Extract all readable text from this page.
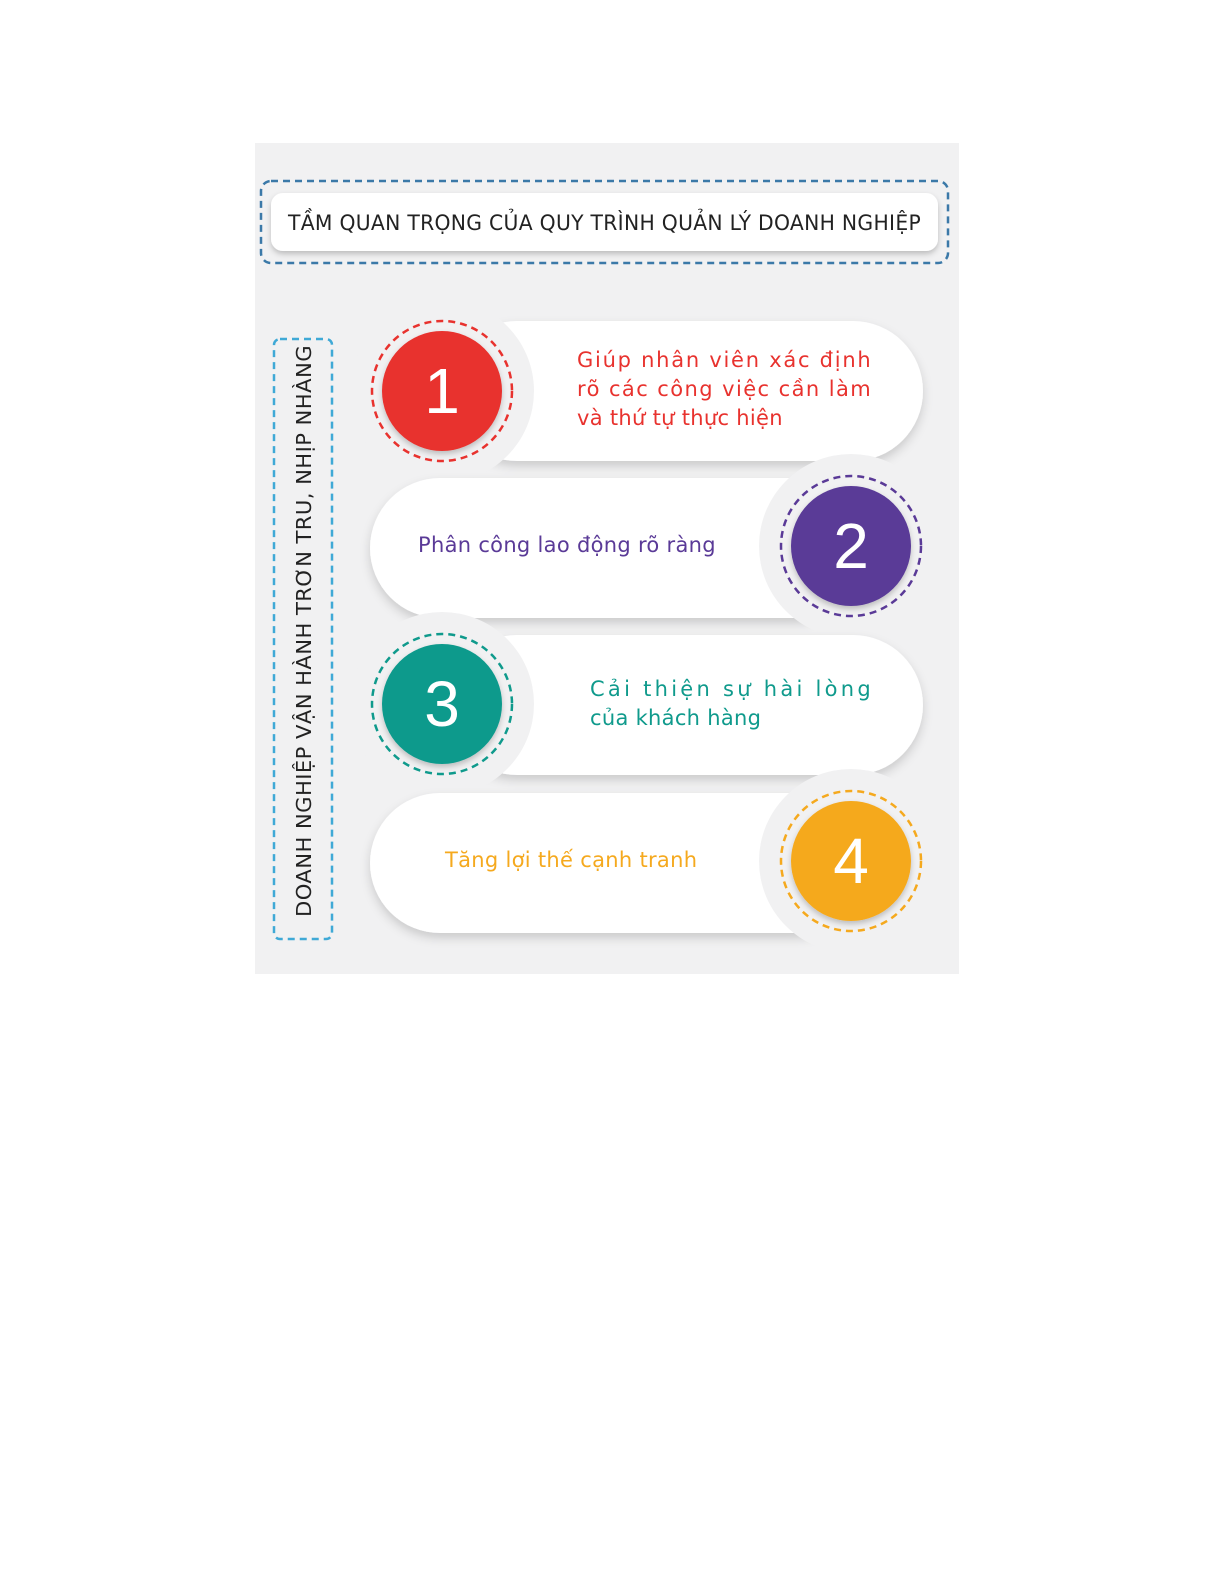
TẦM QUAN TRỌNG CỦA QUY TRÌNH QUẢN LÝ DOANH NGHIỆP
DOANH NGHIỆP VẬN HÀNH TRƠN TRU, NHỊP NHÀNG 1	Giúp nhân viên xác định rõ các công việc cần làm và thứ tự thực hiện
2
Phân công lao động rõ ràng
3	Cải thiện sự hài lòng của khách hàng
4
Tăng lợi thế cạnh tranh
